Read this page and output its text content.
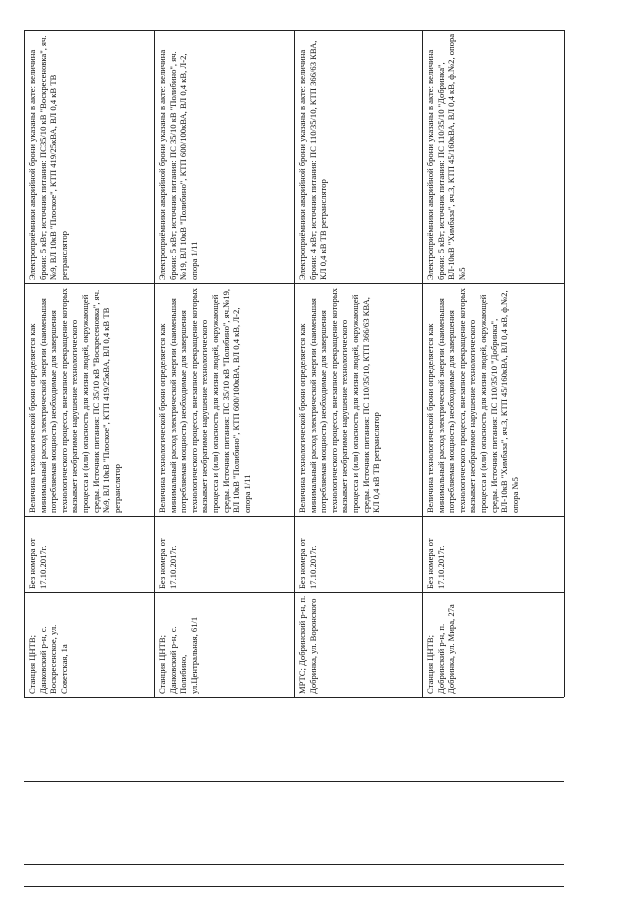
Станция ЦНТВ; Данковский р-н, с. Воскресенское, ул. Советская, 1а
Без номера от 17.10.2017г.
Величина технологической брони определяется как минимальный расход электрической энергии (наименьшая потребляемая мощность) необходимые для завершения технологического процесса, внезапное прекращение которых вызывает необратимое нарушение технологического процесса и (или) опасность для жизни людей, окружающей среды. Источник питания: ПС 35/10 кВ "Воскресеновка", яч.№9, ВЛ 10кВ "Плоское", КТП 419/25кВА, ВЛ 0,4 кВ ТВ ретранслятор
Электроприёмники аварийной брони указаны в акте: величина брони: 5 кВт; источник питания: ПС35/10 кВ "Воскресеновка", яч.№9, ВЛ 10кВ "Плоское", КТП 419/25кВА, ВЛ 0,4 кВ ТВ ретранслятор
Станция ЦНТВ; Данковский р-н, с. Полибино, ул.Центральная, 61/1
Без номера от 17.10.2017г.
Величина технологической брони определяется как минимальный расход электрической энергии (наименьшая потребляемая мощность) необходимые для завершения технологического процесса, внезапное прекращение которых вызывает необратимое нарушение технологического процесса и (или) опасность для жизни людей, окружающей среды. Источник питания: ПС 35/10 кВ "Полибино", яч.№19, ВЛ 10кВ "Полибино", КТП 600/100кВА, ВЛ 0,4 кВ, Л-2, опора 1/11
Электроприёмники аварийной брони указаны в акте: величина брони: 5 кВт; источник питания: ПС 35/10 кВ "Полибино", яч.№19, ВЛ 10кВ "Полибино", КТП 600/100кВА, ВЛ 0,4 кВ, Л-2, опора 1/11
МРТС; Добринский р-н, п. Добринка, ул. Воронского
Без номера от 17.10.2017г.
Величина технологической брони определяется как минимальный расход электрической энергии (наименьшая потребляемая мощность) необходимые для завершения технологического процесса, внезапное прекращение которых вызывает необратимое нарушение технологического процесса и (или) опасность для жизни людей, окружающей среды. Источник питания: ПС 110/35/10, КТП 366/63 КВА, КЛ 0,4 кВ ТВ ретранслятор
Электроприёмники аварийной брони указаны в акте: величина брони: 4 кВт; источник питания: ПС 110/35/10, КТП 366/63 КВА, КЛ 0,4 кВ ТВ ретранслятор
Станция ЦНТВ; Добринский р-н, п. Добринка, ул. Мира, 27а
Без номера от 17.10.2017г.
Величина технологической брони определяется как минимальный расход электрической энергии (наименьшая потребляемая мощность) необходимые для завершения технологического процесса, внезапное прекращение которых вызывает необратимое нарушение технологического процесса и (или) опасность для жизни людей, окружающей среды. Источник питания: ПС 110/35/10 "Добринка", ВЛ-10кВ "Химбаза", яч.3, КТП 45/160кВА, ВЛ 0,4 кВ, ф.№2, опора №5
Электроприёмники аварийной брони указаны в акте: величина брони: 5 кВт; источник питания: ПС 110/35/10 "Добринка", ВЛ-10кВ "Химбаза", яч.3, КТП 45/160кВА, ВЛ 0,4 кВ, ф.№2, опора №5
